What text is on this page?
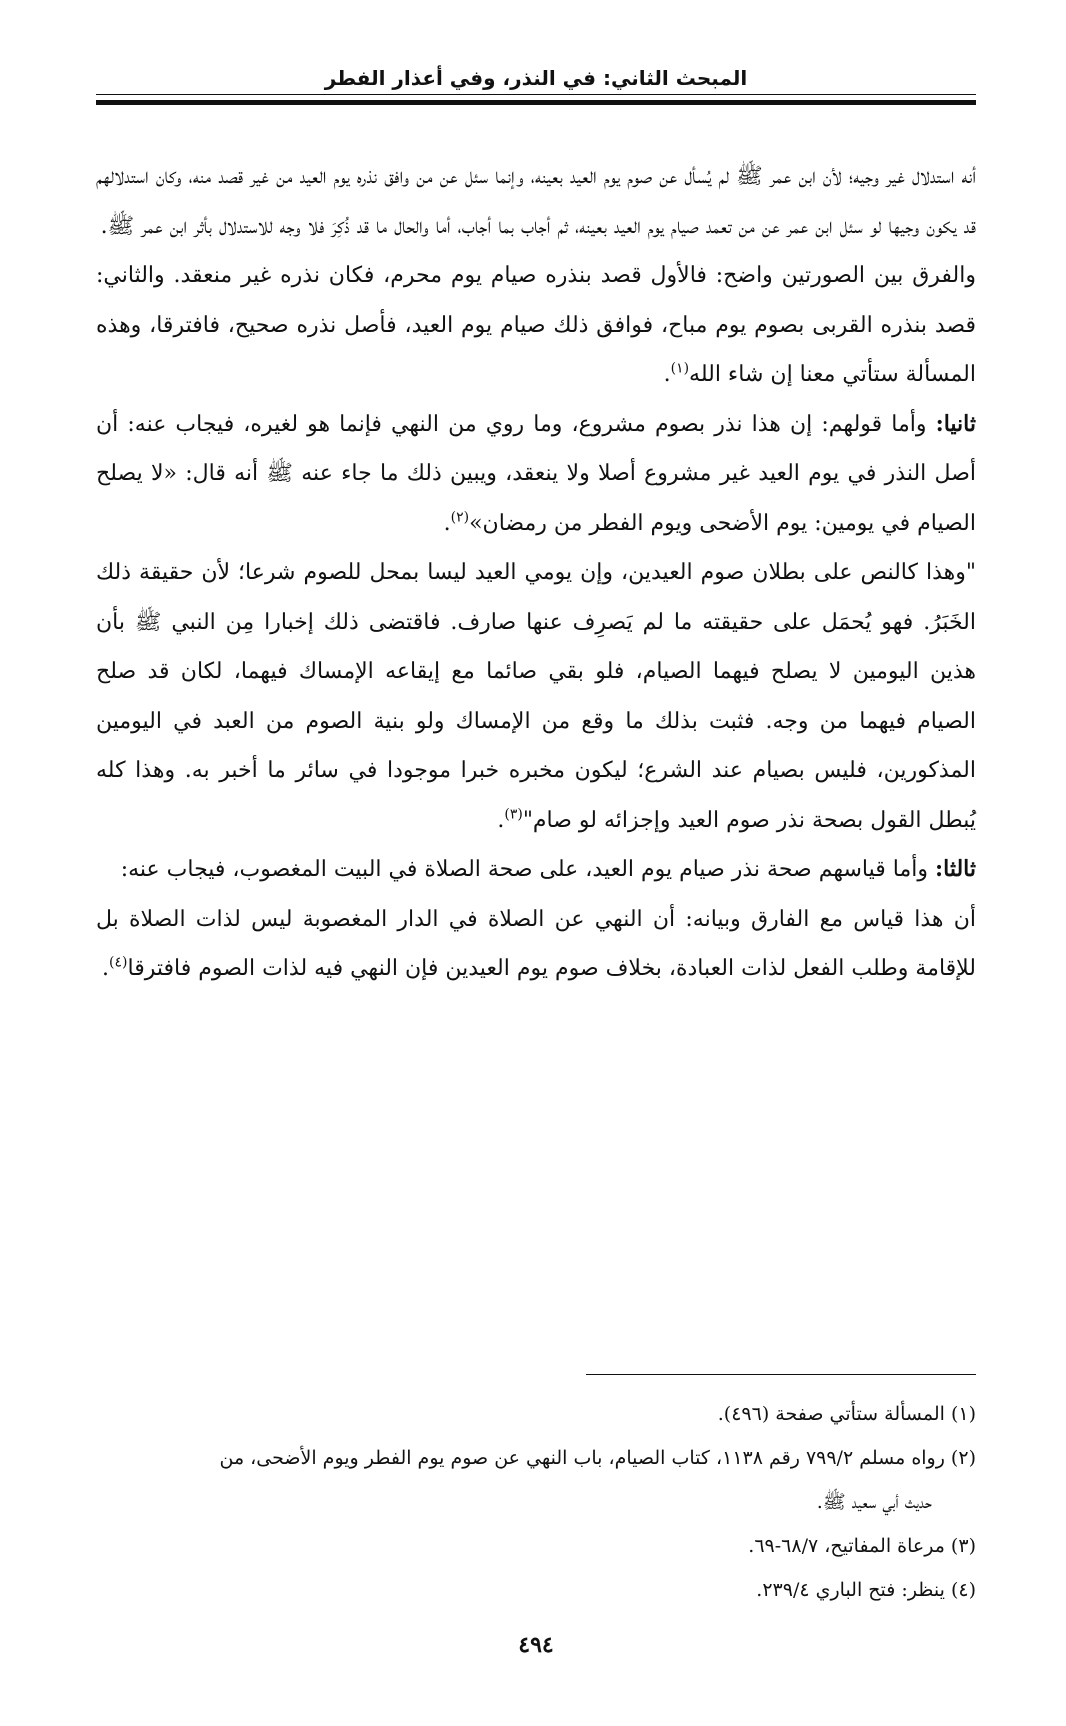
المبحث الثاني: في النذر، وفي أعذار الفطر

أنه استدلال غير وجيه؛ لأن ابن عمر ﷺ لم يُسأل عن صوم يوم العيد بعينه، وإنما سئل عن من وافق نذره يوم العيد من غير قصد منه، وكان استدلالهم قد يكون وجيها لو سئل ابن عمر عن من تعمد صيام يوم العيد بعينه، ثم أجاب بما أجاب، أما والحال ما قد ذُكِرَ فلا وجه للاستدلال بأثر ابن عمر ﷺ.

والفرق بين الصورتين واضح: فالأول قصد بنذره صيام يوم محرم، فكان نذره غير منعقد. والثاني: قصد بنذره القربى بصوم يوم مباح، فوافق ذلك صيام يوم العيد، فأصل نذره صحيح، فافترقا، وهذه المسألة ستأتي معنا إن شاء الله$^{(١)}$.

ثانيا: وأما قولهم: إن هذا نذر بصوم مشروع، وما روي من النهي فإنما هو لغيره، فيجاب عنه: أن أصل النذر في يوم العيد غير مشروع أصلا ولا ينعقد، ويبين ذلك ما جاء عنه ﷺ أنه قال: «لا يصلح الصيام في يومين: يوم الأضحى ويوم الفطر من رمضان»$^{(٢)}$.

"وهذا كالنص على بطلان صوم العيدين، وإن يومي العيد ليسا بمحل للصوم شرعا؛ لأن حقيقة ذلك الخَبَرُ. فهو يُحمَل على حقيقته ما لم يَصرِف عنها صارف. فاقتضى ذلك إخبارا مِن النبي ﷺ بأن هذين اليومين لا يصلح فيهما الصيام، فلو بقي صائما مع إيقاعه الإمساك فيهما، لكان قد صلح الصيام فيهما من وجه. فثبت بذلك ما وقع من الإمساك ولو بنية الصوم من العبد في اليومين المذكورين، فليس بصيام عند الشرع؛ ليكون مخبره خبرا موجودا في سائر ما أخبر به. وهذا كله يُبطل القول بصحة نذر صوم العيد وإجزائه لو صام"$^{(٣)}$.

ثالثا: وأما قياسهم صحة نذر صيام يوم العيد، على صحة الصلاة في البيت المغصوب، فيجاب عنه:

أن هذا قياس مع الفارق وبيانه: أن النهي عن الصلاة في الدار المغصوبة ليس لذات الصلاة بل للإقامة وطلب الفعل لذات العبادة، بخلاف صوم يوم العيدين فإن النهي فيه لذات الصوم فافترقا$^{(٤)}$.

(١) المسألة ستأتي صفحة (٤٩٦).

(٢) رواه مسلم ٧٩٩/٢ رقم ١١٣٨، كتاب الصيام، باب النهي عن صوم يوم الفطر ويوم الأضحى، من

حديث أبي سعيد ﷺ.

(٣) مرعاة المفاتيح، ٦٨/٧-٦٩.

(٤) ينظر: فتح الباري ٢٣٩/٤.

٤٩٤
